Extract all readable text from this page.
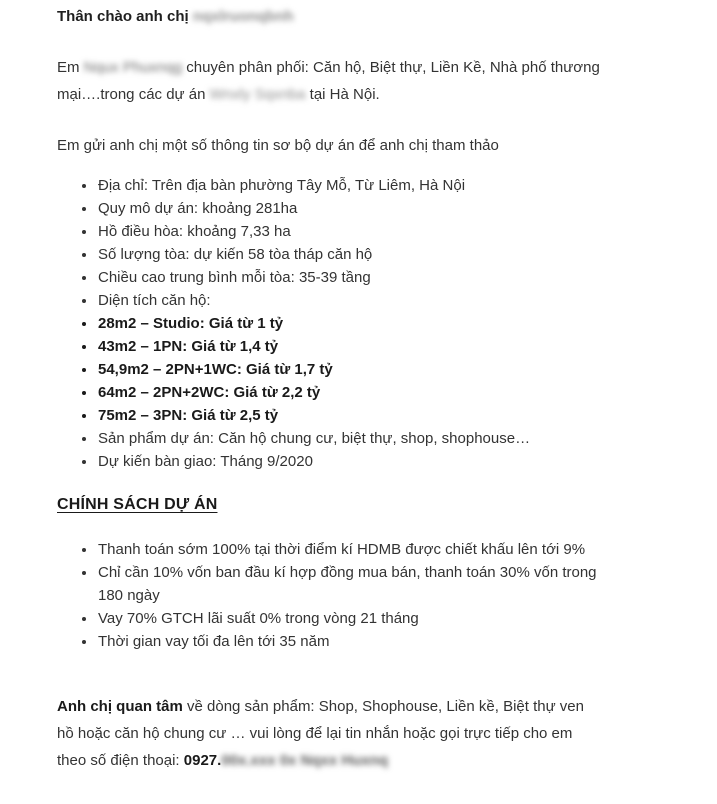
Thân chào anh chị nqxlruonqbnh

Em Nqux Phuxnqg chuyên phân phối: Căn hộ, Biệt thự, Liền Kề, Nhà phố thương mại….trong các dự án Wnxly Sqxnba tại Hà Nội.

Em gửi anh chị một số thông tin sơ bộ dự án để anh chị tham thảo

• Địa chỉ: Trên địa bàn phường Tây Mỗ, Từ Liêm, Hà Nội
• Quy mô dự án: khoảng 281ha
• Hồ điều hòa: khoảng 7,33 ha
• Số lượng tòa: dự kiến 58 tòa tháp căn hộ
• Chiều cao trung bình mỗi tòa: 35-39 tầng
• Diện tích căn hộ:
• 28m2 – Studio: Giá từ 1 tỷ
• 43m2 – 1PN: Giá từ 1,4 tỷ
• 54,9m2 – 2PN+1WC: Giá từ 1,7 tỷ
• 64m2 – 2PN+2WC: Giá từ 2,2 tỷ
• 75m2 – 3PN: Giá từ 2,5 tỷ
• Sản phẩm dự án: Căn hộ chung cư, biệt thự, shop, shophouse…
• Dự kiến bàn giao: Tháng 9/2020
CHÍNH SÁCH DỰ ÁN
• Thanh toán sớm 100% tại thời điểm kí HDMB được chiết khấu lên tới 9%
• Chỉ cần 10% vốn ban đầu kí hợp đồng mua bán, thanh toán 30% vốn trong 180 ngày
• Vay 70% GTCH lãi suất 0% trong vòng 21 tháng
• Thời gian vay tối đa lên tới 35 năm

Anh chị quan tâm về dòng sản phẩm: Shop, Shophouse, Liền kề, Biệt thự ven hồ hoặc căn hộ chung cư … vui lòng để lại tin nhắn hoặc gọi trực tiếp cho em theo số điện thoại: 0927.00x.xxx 0x Nqxx Huxnq
